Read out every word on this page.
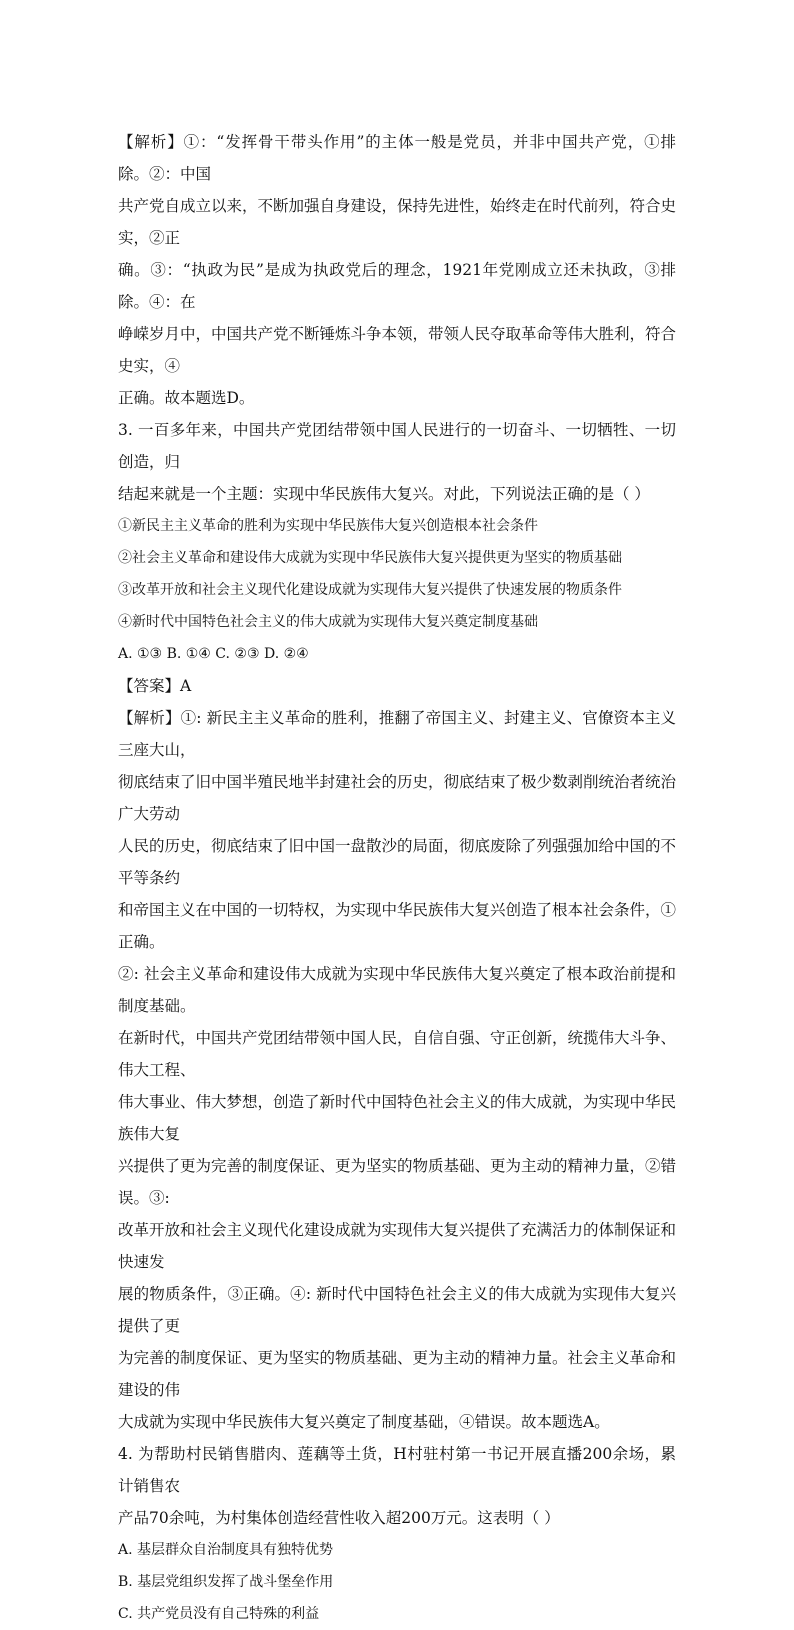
【解析】①：“发挥骨干带头作用”的主体一般是党员，并非中国共产党，①排除。②：中国

共产党自成立以来，不断加强自身建设，保持先进性，始终走在时代前列，符合史实，②正

确。③：“执政为民”是成为执政党后的理念，1921年党刚成立还未执政，③排除。④：在

峥嵘岁月中，中国共产党不断锤炼斗争本领，带领人民夺取革命等伟大胜利，符合史实，④

正确。故本题选D。

3. 一百多年来，中国共产党团结带领中国人民进行的一切奋斗、一切牺牲、一切创造，归

结起来就是一个主题：实现中华民族伟大复兴。对此，下列说法正确的是（ ）

①新民主主义革命的胜利为实现中华民族伟大复兴创造根本社会条件

②社会主义革命和建设伟大成就为实现中华民族伟大复兴提供更为坚实的物质基础

③改革开放和社会主义现代化建设成就为实现伟大复兴提供了快速发展的物质条件

④新时代中国特色社会主义的伟大成就为实现伟大复兴奠定制度基础

A. ①③ B. ①④ C. ②③ D. ②④

【答案】A

【解析】①: 新民主主义革命的胜利，推翻了帝国主义、封建主义、官僚资本主义三座大山，

彻底结束了旧中国半殖民地半封建社会的历史，彻底结束了极少数剥削统治者统治广大劳动

人民的历史，彻底结束了旧中国一盘散沙的局面，彻底废除了列强强加给中国的不平等条约

和帝国主义在中国的一切特权，为实现中华民族伟大复兴创造了根本社会条件，①正确。

②: 社会主义革命和建设伟大成就为实现中华民族伟大复兴奠定了根本政治前提和制度基础。

在新时代，中国共产党团结带领中国人民，自信自强、守正创新，统揽伟大斗争、伟大工程、

伟大事业、伟大梦想，创造了新时代中国特色社会主义的伟大成就，为实现中华民族伟大复

兴提供了更为完善的制度保证、更为坚实的物质基础、更为主动的精神力量，②错误。③:

改革开放和社会主义现代化建设成就为实现伟大复兴提供了充满活力的体制保证和快速发

展的物质条件，③正确。④: 新时代中国特色社会主义的伟大成就为实现伟大复兴提供了更

为完善的制度保证、更为坚实的物质基础、更为主动的精神力量。社会主义革命和建设的伟

大成就为实现中华民族伟大复兴奠定了制度基础，④错误。故本题选A。

4. 为帮助村民销售腊肉、莲藕等土货，H村驻村第一书记开展直播200余场，累计销售农

产品70余吨，为村集体创造经营性收入超200万元。这表明（ ）

A. 基层群众自治制度具有独特优势

B. 基层党组织发挥了战斗堡垒作用

C. 共产党员没有自己特殊的利益
